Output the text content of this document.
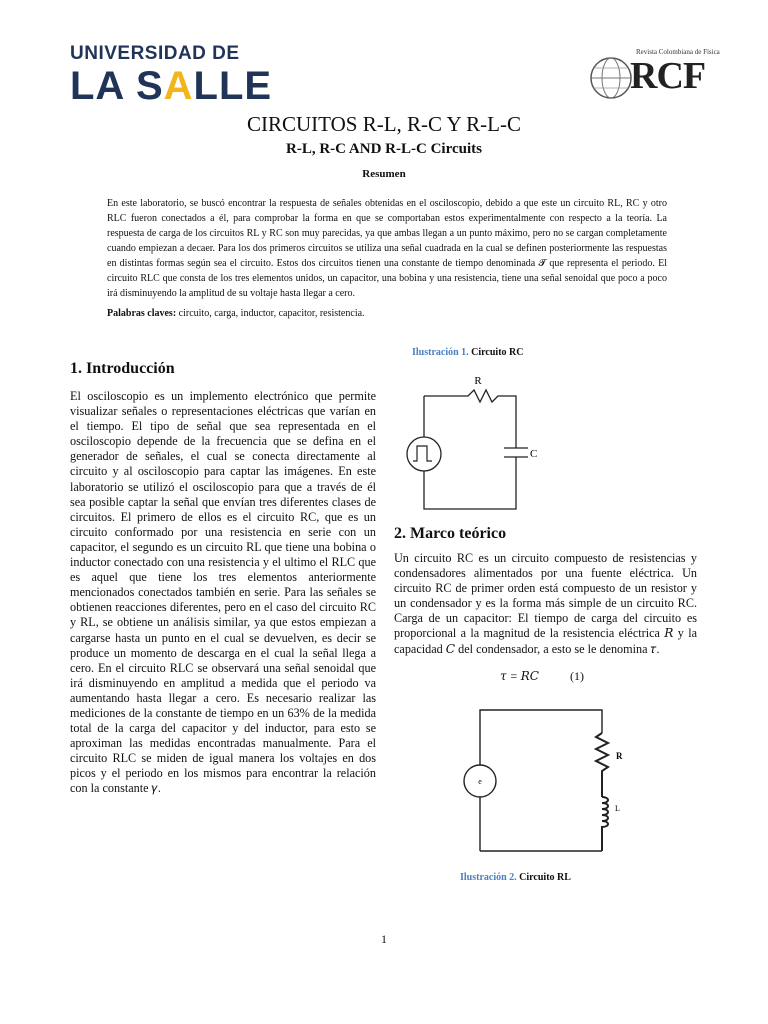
UNIVERSIDAD DE
LA SALLE
Revista Colombiana de Física
RCF
CIRCUITOS R-L, R-C Y R-L-C
R-L, R-C AND R-L-C Circuits
Resumen
En este laboratorio, se buscó encontrar la respuesta de señales obtenidas en el osciloscopio, debido a que este un circuito RL, RC y otro RLC fueron conectados a él, para comprobar la forma en que se comportaban estos experimentalmente con respecto a la teoría. La respuesta de carga de los circuitos RL y RC son muy parecidas, ya que ambas llegan a un punto máximo, pero no se cargan completamente cuando empiezan a decaer. Para los dos primeros circuitos se utiliza una señal cuadrada en la cual se definen posteriormente las respuestas en distintas formas según sea el circuito. Estos dos circuitos tienen una constante de tiempo denominada 𝓣 que representa el periodo. El circuito RLC que consta de los tres elementos unidos, un capacitor, una bobina y una resistencia, tiene una señal senoidal que poco a poco irá disminuyendo la amplitud de su voltaje hasta llegar a cero.
Palabras claves: circuito, carga, inductor, capacitor, resistencia.
1. Introducción
El osciloscopio es un implemento electrónico que permite visualizar señales o representaciones eléctricas que varían en el tiempo. El tipo de señal que sea representada en el osciloscopio depende de la frecuencia que se defina en el generador de señales, el cual se conecta directamente al circuito y al osciloscopio para captar las imágenes. En este laboratorio se utilizó el osciloscopio para que a través de él sea posible captar la señal que envían tres diferentes clases de circuitos. El primero de ellos es el circuito RC, que es un circuito conformado por una resistencia en serie con un capacitor, el segundo es un circuito RL que tiene una bobina o inductor conectado con una resistencia y el ultimo el RLC que es aquel que tiene los tres elementos anteriormente mencionados conectados también en serie. Para las señales se obtienen reacciones diferentes, pero en el caso del circuito RC y RL, se obtiene un análisis similar, ya que estos empiezan a cargarse hasta un punto en el cual se devuelven, es decir se produce un momento de descarga en el cual la señal llega a cero. En el circuito RLC se observará una señal senoidal que irá disminuyendo en amplitud a medida que el periodo va aumentando hasta llegar a cero. Es necesario realizar las mediciones de la constante de tiempo en un 63% de la medida total de la carga del capacitor y del inductor, para esto se aproximan las medidas encontradas manualmente. Para el circuito RLC se miden de igual manera los voltajes en dos picos y el periodo en los mismos para encontrar la relación con la constante 𝛾.
Ilustración 1. Circuito RC
R
C
2. Marco teórico
Un circuito RC es un circuito compuesto de resistencias y condensadores alimentados por una fuente eléctrica. Un circuito RC de primer orden está compuesto de un resistor y un condensador y es la forma más simple de un circuito RC. Carga de un capacitor: El tiempo de carga del circuito es proporcional a la magnitud de la resistencia eléctrica 𝑅 y la capacidad 𝐶 del condensador, a esto se le denomina 𝜏.
𝜏 = 𝑅𝐶	(1)
e
R
L
Ilustración 2. Circuito RL
1
